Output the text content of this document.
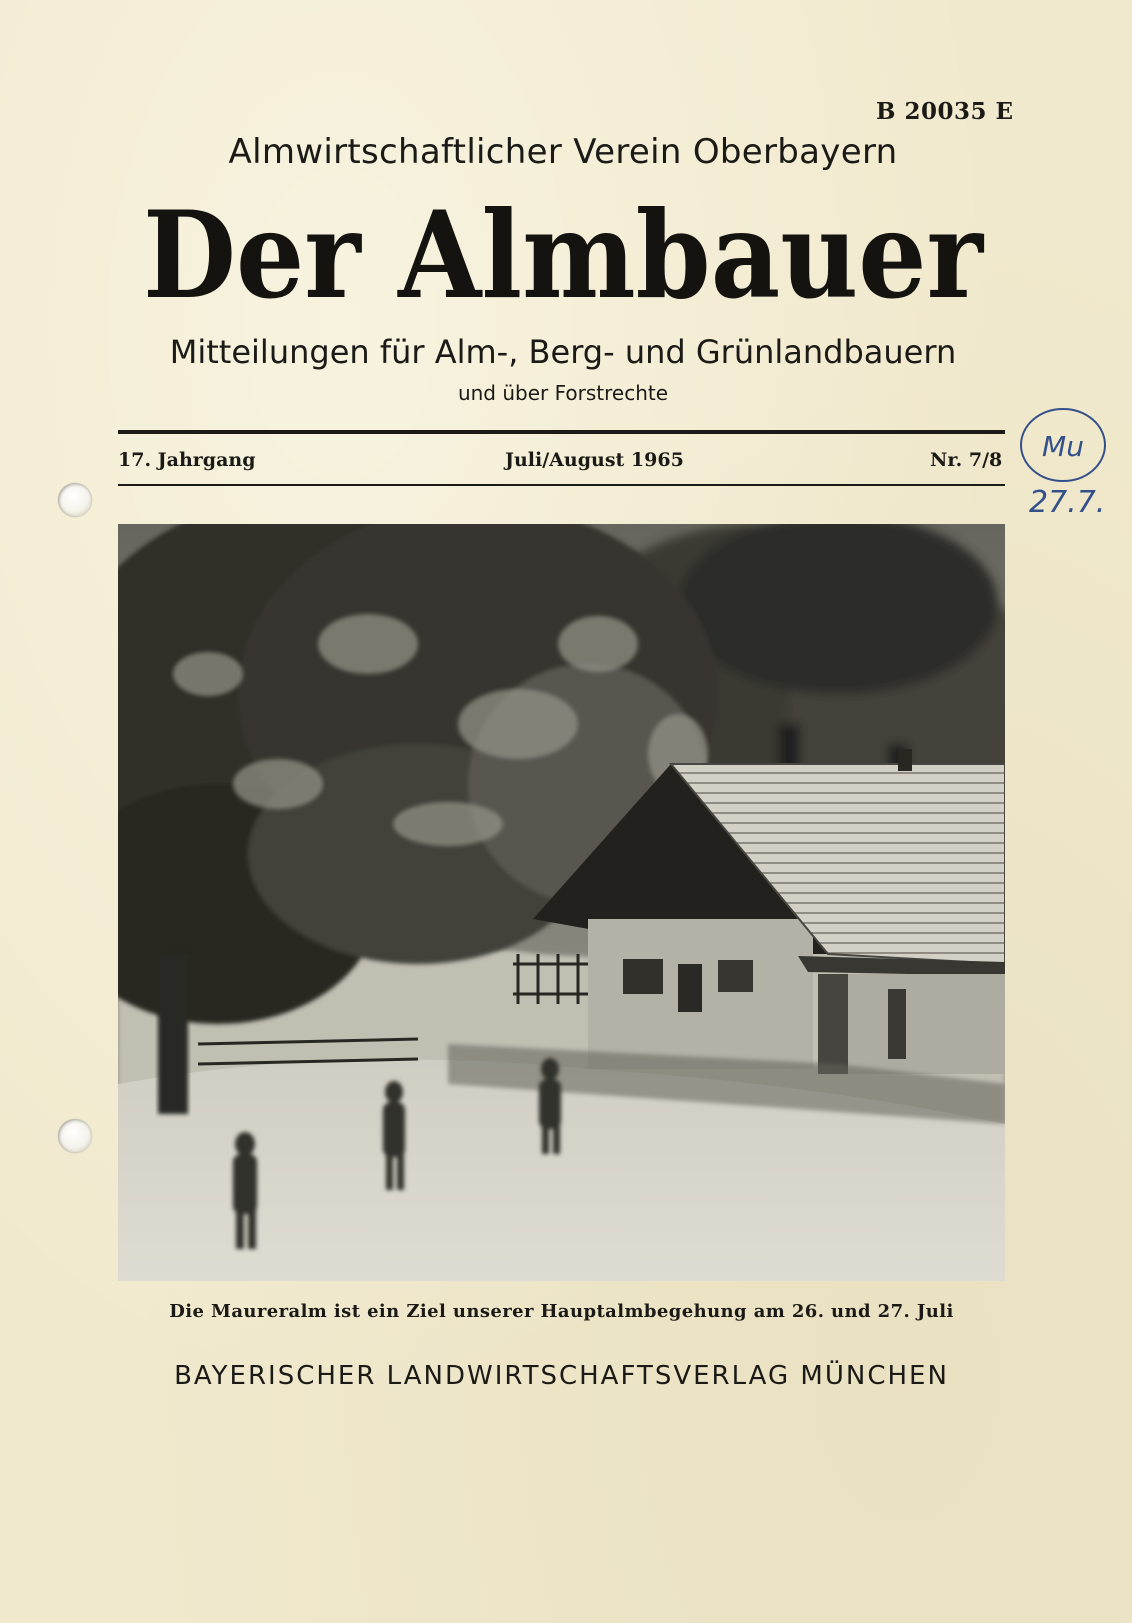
B 20035 E
Almwirtschaftlicher Verein Oberbayern
Der Almbauer
Mitteilungen für Alm-, Berg- und Grünlandbauern
und über Forstrechte
17. Jahrgang	Juli/August 1965	Nr. 7/8
Die Maureralm ist ein Ziel unserer Hauptalmbegehung am 26. und 27. Juli
BAYERISCHER LANDWIRTSCHAFTSVERLAG MÜNCHEN
Mu
27.7.
